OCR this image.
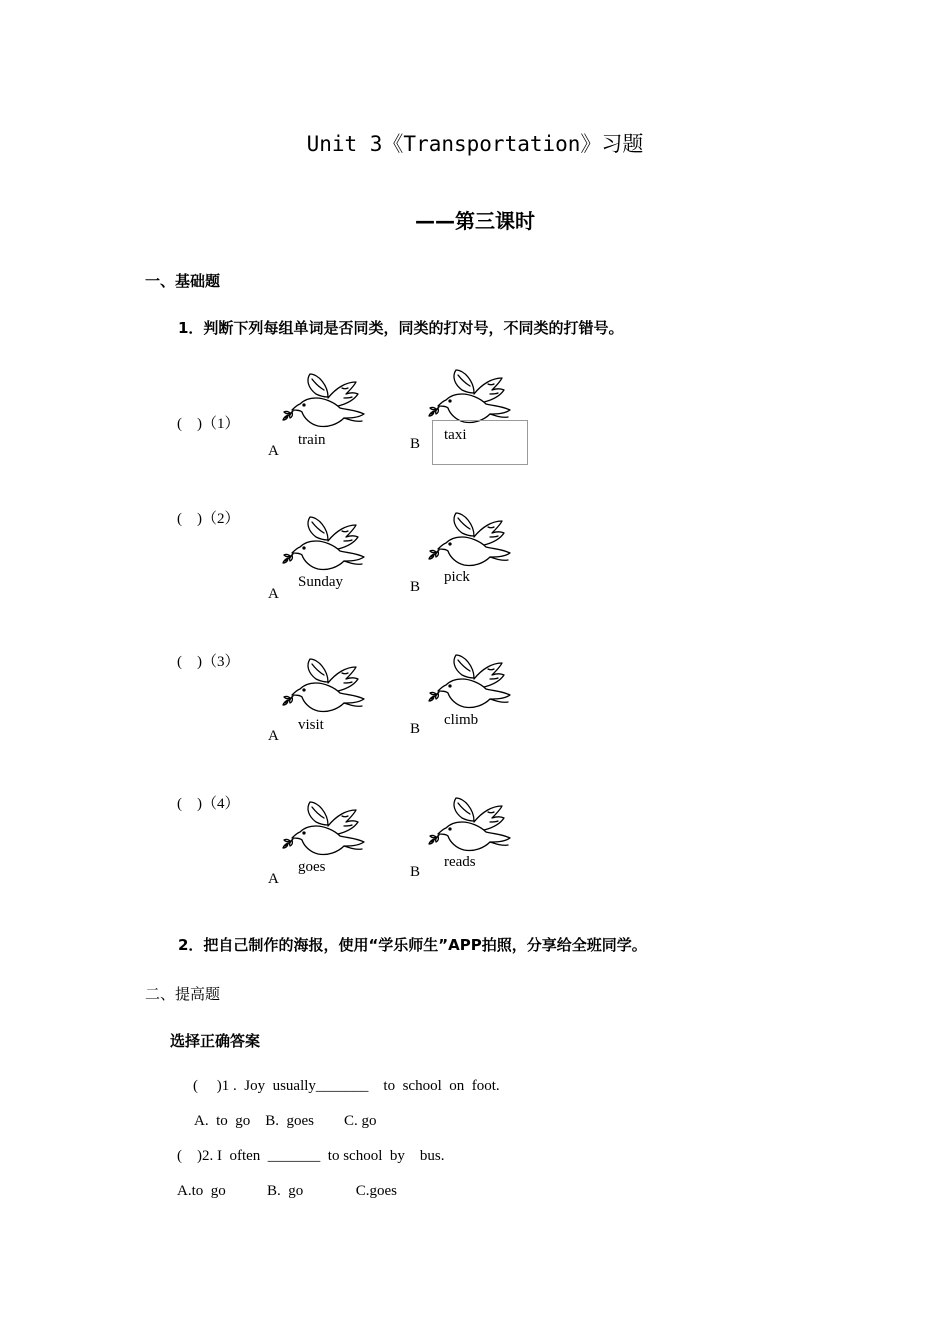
Unit 3《Transportation》习题
——第三课时
一、基础题
1．判断下列每组单词是否同类，同类的打对号，不同类的打错号。
(    )（1）
train
A
taxi
B
(    )（2）
Sunday
A
pick
B
(    )（3）
visit
A
climb
B
(    )（4）
goes
A
reads
B
2．把自己制作的海报，使用“学乐师生”APP拍照，分享给全班同学。
二、提高题
选择正确答案
(     )1 .  Joy  usually_______    to  school  on  foot.
A.  to  go    B.  goes        C. go
(    )2. I  often  _______  to school  by    bus.
A.to  go           B.  go              C.goes
